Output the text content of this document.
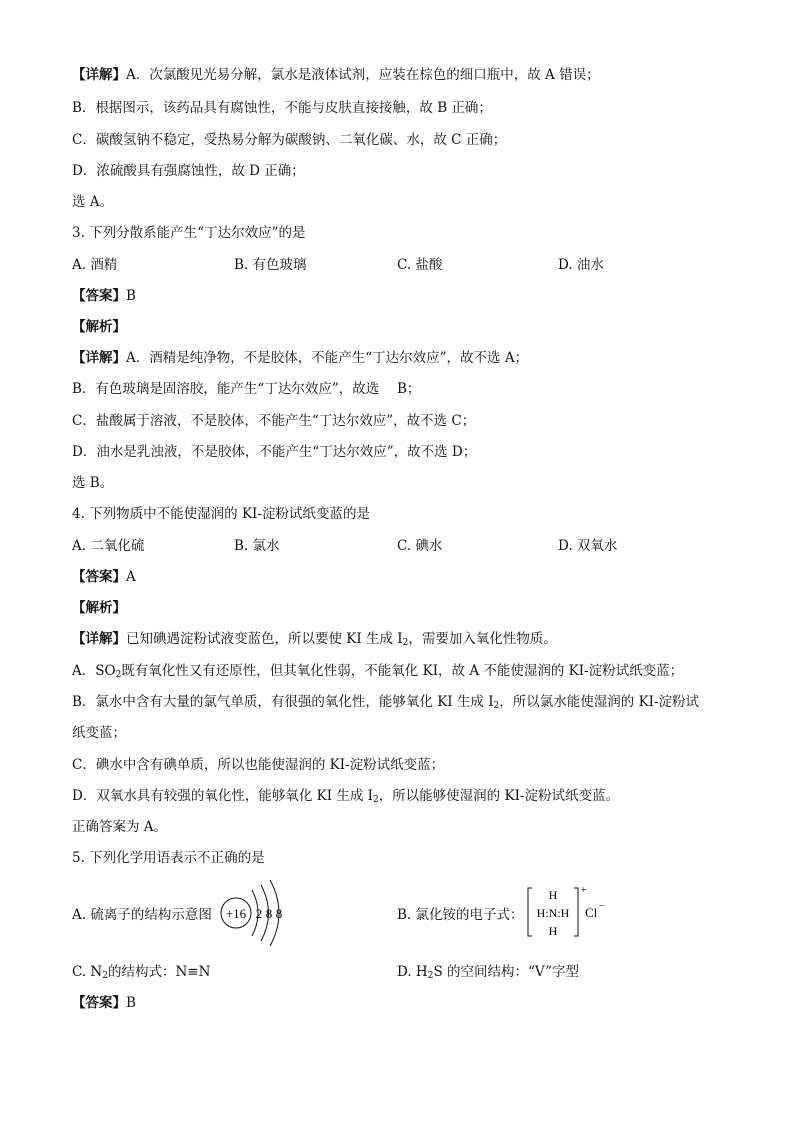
【详解】A．次氯酸见光易分解，氯水是液体试剂，应装在棕色的细口瓶中，故 A 错误；
B．根据图示，该药品具有腐蚀性，不能与皮肤直接接触，故 B 正确；
C．碳酸氢钠不稳定，受热易分解为碳酸钠、二氧化碳、水，故 C 正确；
D．浓硫酸具有强腐蚀性，故 D 正确；
选 A。
3. 下列分散系能产生“丁达尔效应”的是
A. 酒精	B. 有色玻璃	C. 盐酸	D. 油水
【答案】B
【解析】
【详解】A．酒精是纯净物，不是胶体，不能产生“丁达尔效应”，故不选 A；
B．有色玻璃是固溶胶，能产生“丁达尔效应”，故选　 B；
C．盐酸属于溶液，不是胶体，不能产生“丁达尔效应”，故不选 C；
D．油水是乳浊液，不是胶体，不能产生“丁达尔效应”，故不选 D；
选 B。
4. 下列物质中不能使湿润的 KI-淀粉试纸变蓝的是
A. 二氧化硫	B. 氯水	C. 碘水	D. 双氧水
【答案】A
【解析】
【详解】已知碘遇淀粉试液变蓝色，所以要使 KI 生成 $I_2$，需要加入氧化性物质。
A．$SO_2$既有氧化性又有还原性，但其氧化性弱，不能氧化 KI，故 A 不能使湿润的 KI-淀粉试纸变蓝；
B．氯水中含有大量的氯气单质，有很强的氧化性，能够氧化 KI 生成 $I_2$，所以氯水能使湿润的 KI-淀粉试
纸变蓝；
C．碘水中含有碘单质，所以也能使湿润的 KI-淀粉试纸变蓝；
D．双氧水具有较强的氧化性，能够氧化 KI 生成 $I_2$，所以能够使湿润的 KI-淀粉试纸变蓝。
正确答案为 A。
5. 下列化学用语表示不正确的是
A. 硫离子的结构示意图 +16 2 8 8	B. 氯化铵的电子式：
H
H:N:H
H
+
Cl −
C. $N_2$的结构式：N≡N	D. $H_2S$ 的空间结构：“V”字型
【答案】B
